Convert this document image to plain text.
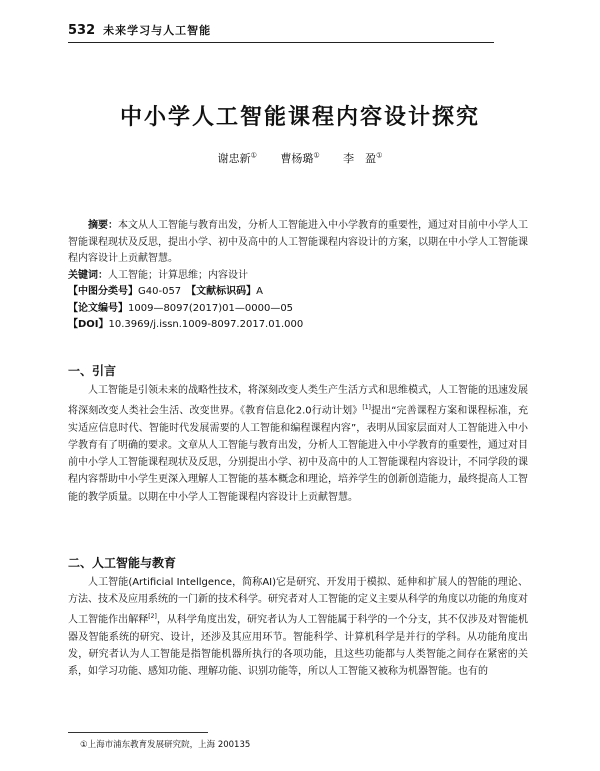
532 未来学习与人工智能
中小学人工智能课程内容设计探究
谢忠新① 曹杨璐① 李　盈①

摘要：本文从人工智能与教育出发，分析人工智能进入中小学教育的重要性，通过对目前中小学人工智能课程现状及反思，提出小学、初中及高中的人工智能课程内容设计的方案，以期在中小学人工智能课程内容设计上贡献智慧。

关键词：人工智能；计算思维；内容设计

【中图分类号】G40-057　 【文献标识码】A

【论文编号】1009—8097(2017)01—0000—05

【DOI】10.3969/j.issn.1009-8097.2017.01.000

一、引言

人工智能是引领未来的战略性技术，将深刻改变人类生产生活方式和思维模式，人工智能的迅速发展将深刻改变人类社会生活、改变世界。《教育信息化2.0行动计划》[1]提出“完善课程方案和课程标准，充实适应信息时代、智能时代发展需要的人工智能和编程课程内容”，表明从国家层面对人工智能进入中小学教育有了明确的要求。文章从人工智能与教育出发，分析人工智能进入中小学教育的重要性，通过对目前中小学人工智能课程现状及反思，分别提出小学、初中及高中的人工智能课程内容设计，不同学段的课程内容帮助中小学生更深入理解人工智能的基本概念和理论，培养学生的创新创造能力，最终提高人工智能的教学质量。以期在中小学人工智能课程内容设计上贡献智慧。

二、人工智能与教育

人工智能(Artificial Intellgence，简称AI)它是研究、开发用于模拟、延伸和扩展人的智能的理论、方法、技术及应用系统的一门新的技术科学。研究者对人工智能的定义主要从科学的角度以功能的角度对人工智能作出解释[2]，从科学角度出发，研究者认为人工智能属于科学的一个分支，其不仅涉及对智能机器及智能系统的研究、设计，还涉及其应用环节。智能科学、计算机科学是并行的学科。从功能角度出发，研究者认为人工智能是指智能机器所执行的各项功能，且这些功能都与人类智能之间存在紧密的关系，如学习功能、感知功能、理解功能、识别功能等，所以人工智能又被称为机器智能。也有的

①上海市浦东教育发展研究院，上海 200135
